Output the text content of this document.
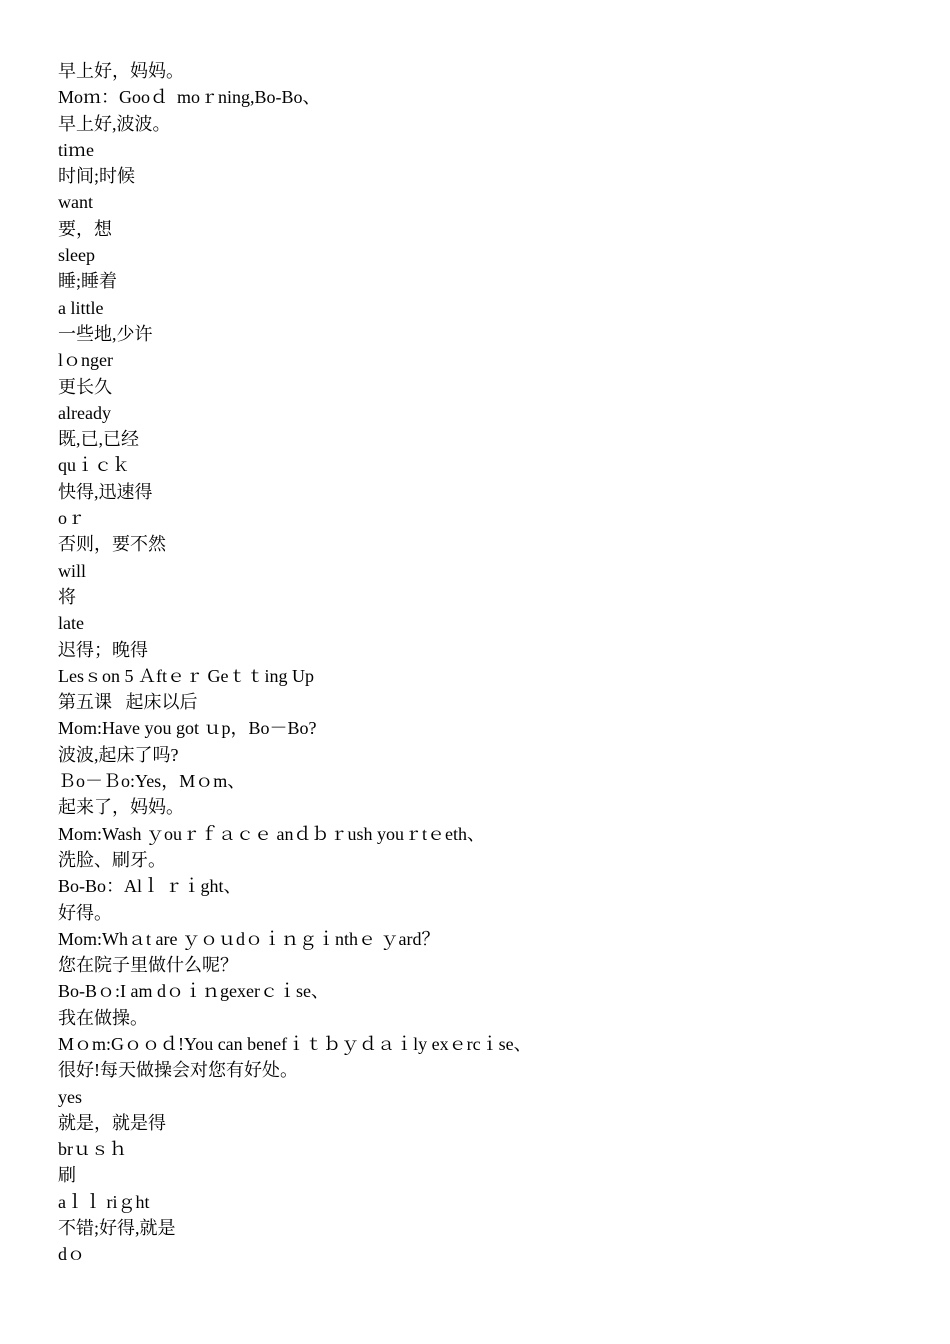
早上好，妈妈。
Moｍ：Gooｄ  moｒning,Bo-Bo、
早上好,波波。
tiｍe
时间;时候
want
要，想
sleep
睡;睡着
a little
一些地,少许
lｏnger
更长久
already
既,已,已经
quｉｃｋ
快得,迅速得
oｒ
否则，要不然
will
将
late
迟得；晚得
Lesｓon 5 Ａftｅｒ Geｔｔing Up
第五课   起床以后
Mom:Have you got ｕp，Bo－Bo?
波波,起床了吗?
Ｂo－Ｂo:Yes，Mｏm、
起来了，妈妈。
Mom:Wash ｙouｒｆａｃｅ anｄｂｒush youｒtｅeth、
洗脸、刷牙。
Bo-Bo：Alｌ ｒｉght、
好得。
Mom:Whａt are ｙｏｕdｏｉｎｇｉnthｅ ｙard？
您在院子里做什么呢？
Bo-Bｏ:I am dｏｉｎgexerｃｉse、
我在做操。
Mｏm:Gｏｏｄ!You can benefｉｔｂｙｄａｉly exｅrcｉse、
很好!每天做操会对您有好处。
yes
就是，就是得
brｕｓｈ
刷
aｌｌ riｇht
不错;好得,就是
dｏ
